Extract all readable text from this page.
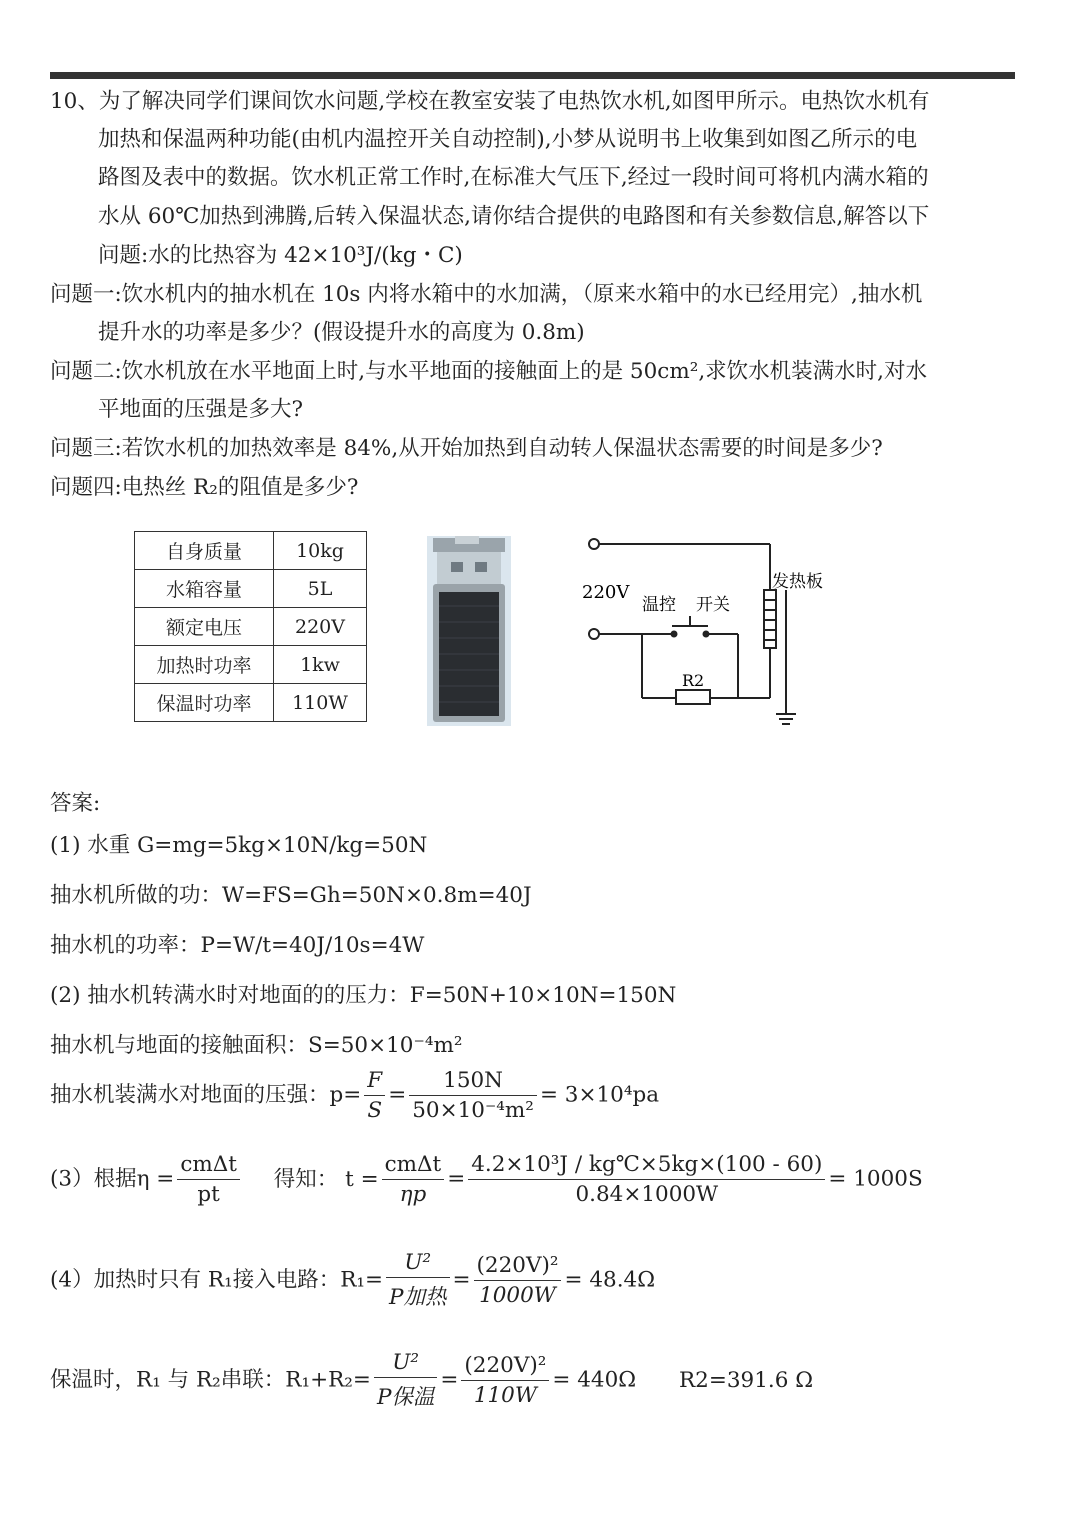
10、为了解决同学们课间饮水问题,学校在教室安装了电热饮水机,如图甲所示。电热饮水机有
加热和保温两种功能(由机内温控开关自动控制),小梦从说明书上收集到如图乙所示的电
路图及表中的数据。饮水机正常工作时,在标准大气压下,经过一段时间可将机内满水箱的
水从 60℃加热到沸腾,后转入保温状态,请你结合提供的电路图和有关参数信息,解答以下
问题:水的比热容为 42×10³J/(kg・C)
问题一:饮水机内的抽水机在 10s 内将水箱中的水加满，（原来水箱中的水已经用完）,抽水机
提升水的功率是多少？(假设提升水的高度为 0.8m)
问题二:饮水机放在水平地面上时,与水平地面的接触面上的是 50cm²,求饮水机装满水时,对水
平地面的压强是多大?
问题三:若饮水机的加热效率是 84%,从开始加热到自动转人保温状态需要的时间是多少?
问题四:电热丝 R₂的阻值是多少?
自身质量	10kg
水箱容量	5L
额定电压	220V
加热时功率	1kw
保温时功率	110W
220V
温控 开关
发热板
R2
答案:
(1) 水重 G=mg=5kg×10N/kg=50N
抽水机所做的功：W=FS=Gh=50N×0.8m=40J
抽水机的功率：P=W/t=40J/10s=4W
(2) 抽水机转满水时对地面的的压力：F=50N+10×10N=150N
抽水机与地面的接触面积：S=50×10⁻⁴m²
抽水机装满水对地面的压强：$p= \frac{F}{S} = \frac{150N}{\text{50×10⁻⁴m²}} = 3\times 10^4pa$
(3）根据η =
cmΔt
pt
得知： t =
cmΔt
ηp
= $\frac{\text{4.2×10³J / kg℃×5kg×(100 - 60)}}{0.84\times 1000W} = 1000S$
(4）加热时只有 R₁接入电路：R₁=
U²
P加热
= $\frac{\text{(220V)²}}{1000W} = 48.4\Omega$
保温时，R₁ 与 R₂串联：R₁+R₂=
U²
P保温
= $\frac{\text{(220V)²}}{110W} = 440\Omega$ R2=391.6 Ω
